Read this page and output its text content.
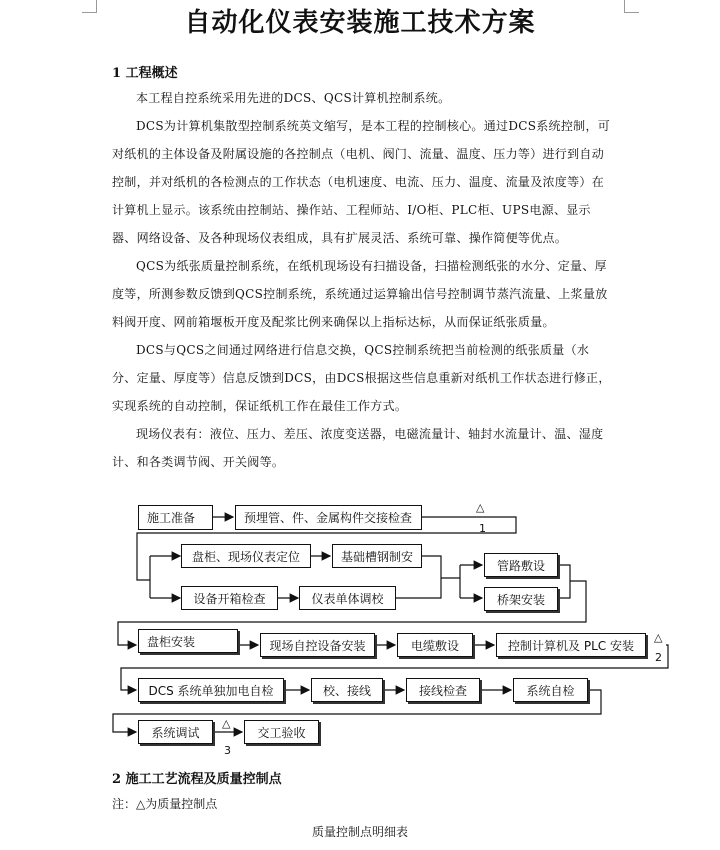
自动化仪表安装施工技术方案
1 工程概述

本工程自控系统采用先进的DCS、QCS计算机控制系统。

DCS为计算机集散型控制系统英文缩写，是本工程的控制核心。通过DCS系统控制，可对纸机的主体设备及附属设施的各控制点（电机、阀门、流量、温度、压力等）进行到自动控制，并对纸机的各检测点的工作状态（电机速度、电流、压力、温度、流量及浓度等）在计算机上显示。该系统由控制站、操作站、工程师站、I/O柜、PLC柜、UPS电源、显示器、网络设备、及各种现场仪表组成，具有扩展灵活、系统可靠、操作简便等优点。

QCS为纸张质量控制系统，在纸机现场设有扫描设备，扫描检测纸张的水分、定量、厚度等，所测参数反馈到QCS控制系统，系统通过运算输出信号控制调节蒸汽流量、上浆量放料阀开度、网前箱堰板开度及配浆比例来确保以上指标达标，从而保证纸张质量。

DCS与QCS之间通过网络进行信息交换，QCS控制系统把当前检测的纸张质量（水分、定量、厚度等）信息反馈到DCS，由DCS根据这些信息重新对纸机工作状态进行修正，实现系统的自动控制，保证纸机工作在最佳工作方式。

现场仪表有：液位、压力、差压、浓度变送器，电磁流量计、轴封水流量计、温、湿度计、和各类调节阀、开关阀等。

施工准备	预埋管、件、金属构件交接检查
△
1
盘柜、现场仪表定位	基础槽钢制安
设备开箱检查	仪表单体调校
管路敷设
桥架安装
盘柜安装	现场自控设备安装	电缆敷设	控制计算机及 PLC 安装
△
2
DCS 系统单独加电自检	校、接线	接线检查	系统自检
系统调试
△
3
交工验收
2 施工工艺流程及质量控制点
注：△为质量控制点
质量控制点明细表
